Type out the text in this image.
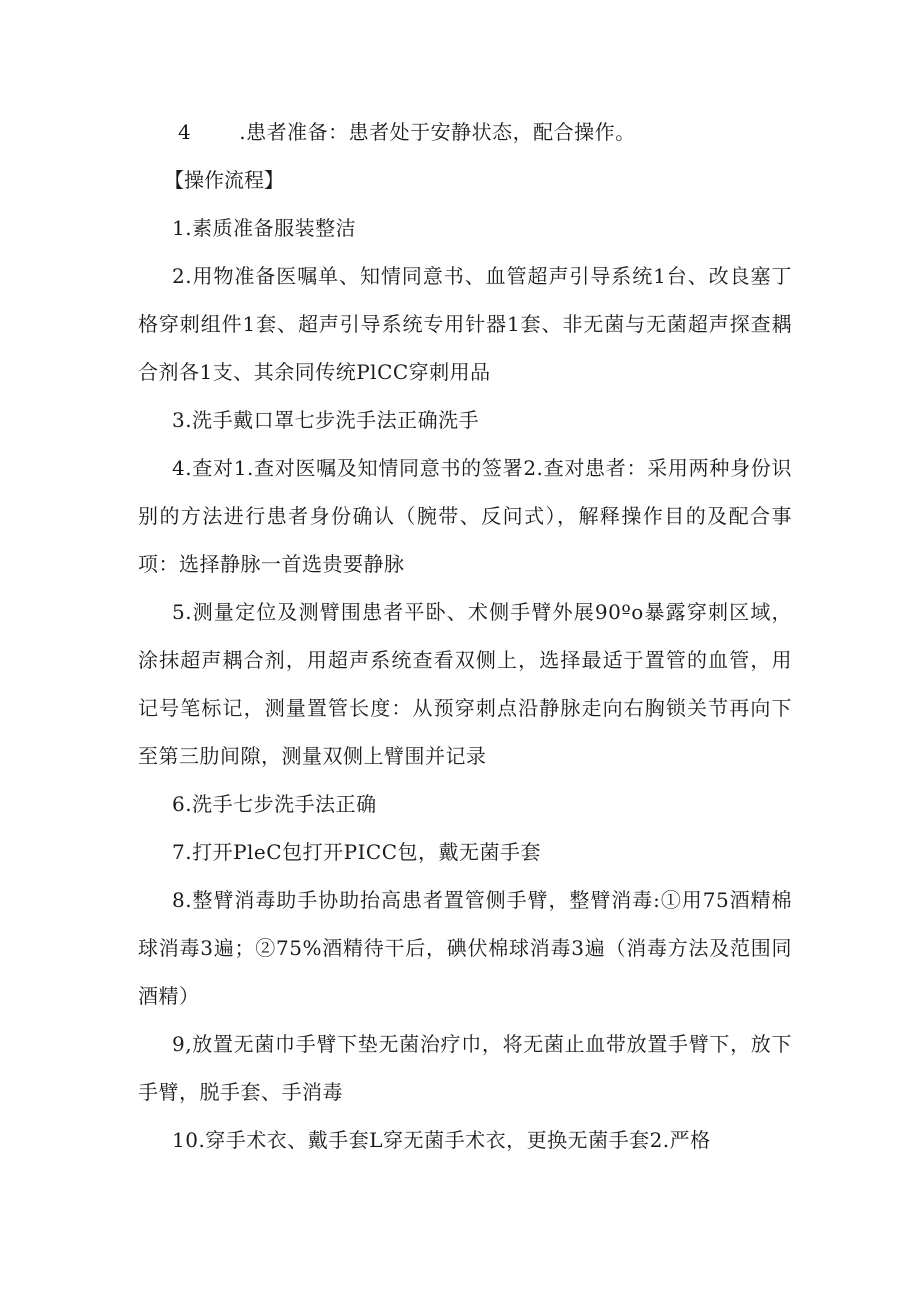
4 .患者准备：患者处于安静状态，配合操作。

【操作流程】

1.素质准备服装整洁

2.用物准备医嘱单、知情同意书、血管超声引导系统1台、改良塞丁格穿刺组件1套、超声引导系统专用针器1套、非无菌与无菌超声探查耦合剂各1支、其余同传统PlCC穿刺用品

3.洗手戴口罩七步洗手法正确洗手

4.查对1.查对医嘱及知情同意书的签署2.查对患者：采用两种身份识别的方法进行患者身份确认（腕带、反问式），解释操作目的及配合事项：选择静脉一首选贵要静脉

5.测量定位及测臂围患者平卧、术侧手臂外展90ºo暴露穿刺区域，涂抹超声耦合剂，用超声系统查看双侧上，选择最适于置管的血管，用记号笔标记，测量置管长度：从预穿刺点沿静脉走向右胸锁关节再向下至第三肋间隙，测量双侧上臂围并记录

6.洗手七步洗手法正确

7.打开PleC包打开PICC包，戴无菌手套

8.整臂消毒助手协助抬高患者置管侧手臂，整臂消毒:①用75酒精棉球消毒3遍；②75%酒精待干后，碘伏棉球消毒3遍（消毒方法及范围同酒精）

9,放置无菌巾手臂下垫无菌治疗巾，将无菌止血带放置手臂下，放下手臂，脱手套、手消毒

10.穿手术衣、戴手套L穿无菌手术衣，更换无菌手套2.严格
